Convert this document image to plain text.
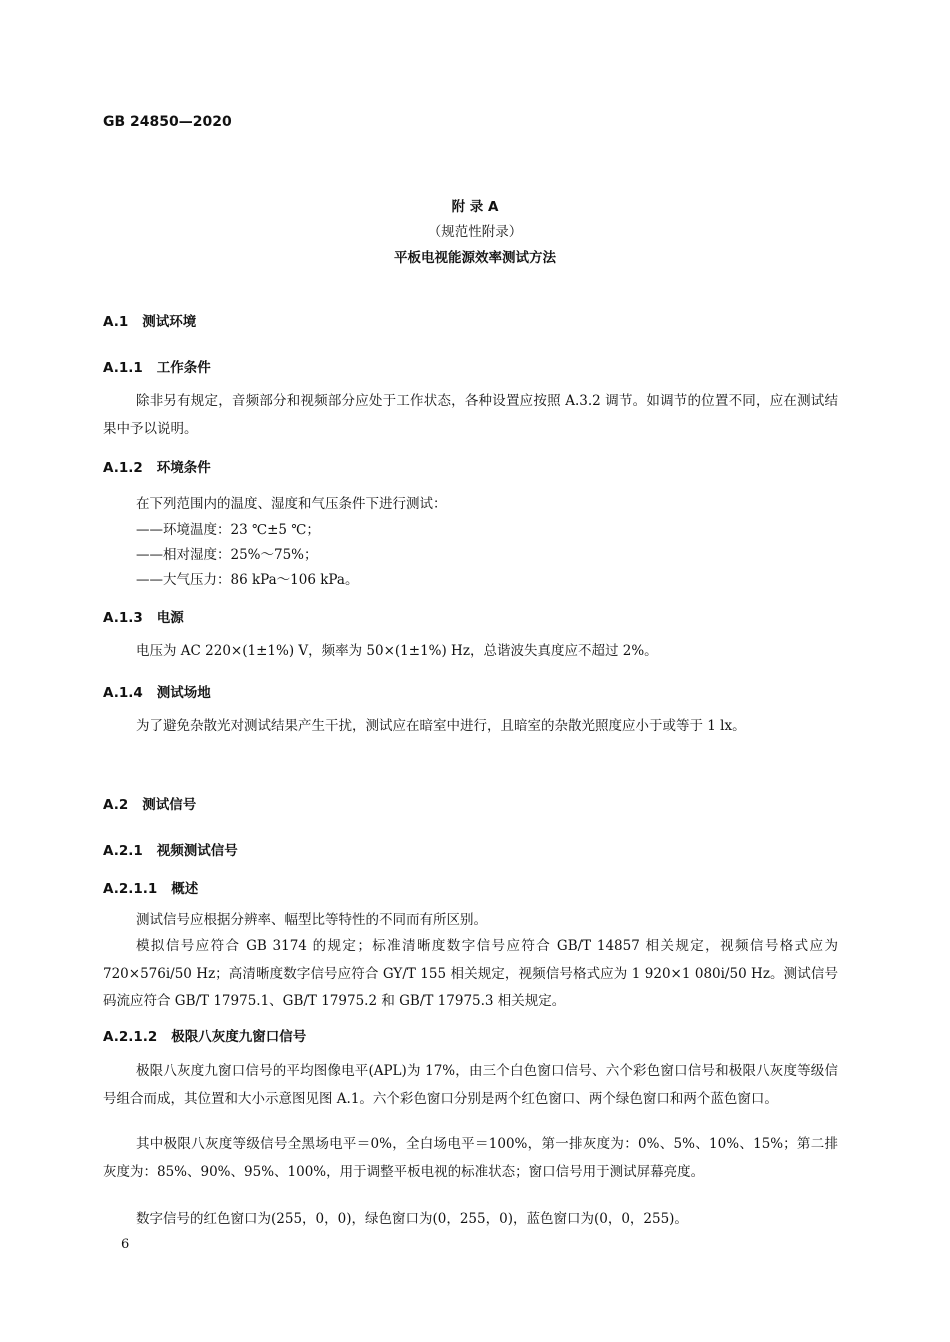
GB 24850—2020
附 录 A
（规范性附录）
平板电视能源效率测试方法
A.1 测试环境
A.1.1 工作条件
除非另有规定，音频部分和视频部分应处于工作状态，各种设置应按照 A.3.2 调节。如调节的位置不同，应在测试结果中予以说明。
A.1.2 环境条件
在下列范围内的温度、湿度和气压条件下进行测试：
——环境温度：23 ℃±5 ℃；
——相对湿度：25%～75%；
——大气压力：86 kPa～106 kPa。
A.1.3 电源
电压为 AC 220×(1±1%) V，频率为 50×(1±1%) Hz，总谐波失真度应不超过 2%。
A.1.4 测试场地
为了避免杂散光对测试结果产生干扰，测试应在暗室中进行，且暗室的杂散光照度应小于或等于 1 lx。
A.2 测试信号
A.2.1 视频测试信号
A.2.1.1 概述
测试信号应根据分辨率、幅型比等特性的不同而有所区别。
模拟信号应符合 GB 3174 的规定；标准清晰度数字信号应符合 GB/T 14857 相关规定，视频信号格式应为 720×576i/50 Hz；高清晰度数字信号应符合 GY/T 155 相关规定，视频信号格式应为 1 920×1 080i/50 Hz。测试信号码流应符合 GB/T 17975.1、GB/T 17975.2 和 GB/T 17975.3 相关规定。
A.2.1.2 极限八灰度九窗口信号
极限八灰度九窗口信号的平均图像电平(APL)为 17%，由三个白色窗口信号、六个彩色窗口信号和极限八灰度等级信号组合而成，其位置和大小示意图见图 A.1。六个彩色窗口分别是两个红色窗口、两个绿色窗口和两个蓝色窗口。
其中极限八灰度等级信号全黑场电平＝0%，全白场电平＝100%，第一排灰度为：0%、5%、10%、15%；第二排灰度为：85%、90%、95%、100%，用于调整平板电视的标准状态；窗口信号用于测试屏幕亮度。
数字信号的红色窗口为(255，0，0)，绿色窗口为(0，255，0)，蓝色窗口为(0，0，255)。
6
